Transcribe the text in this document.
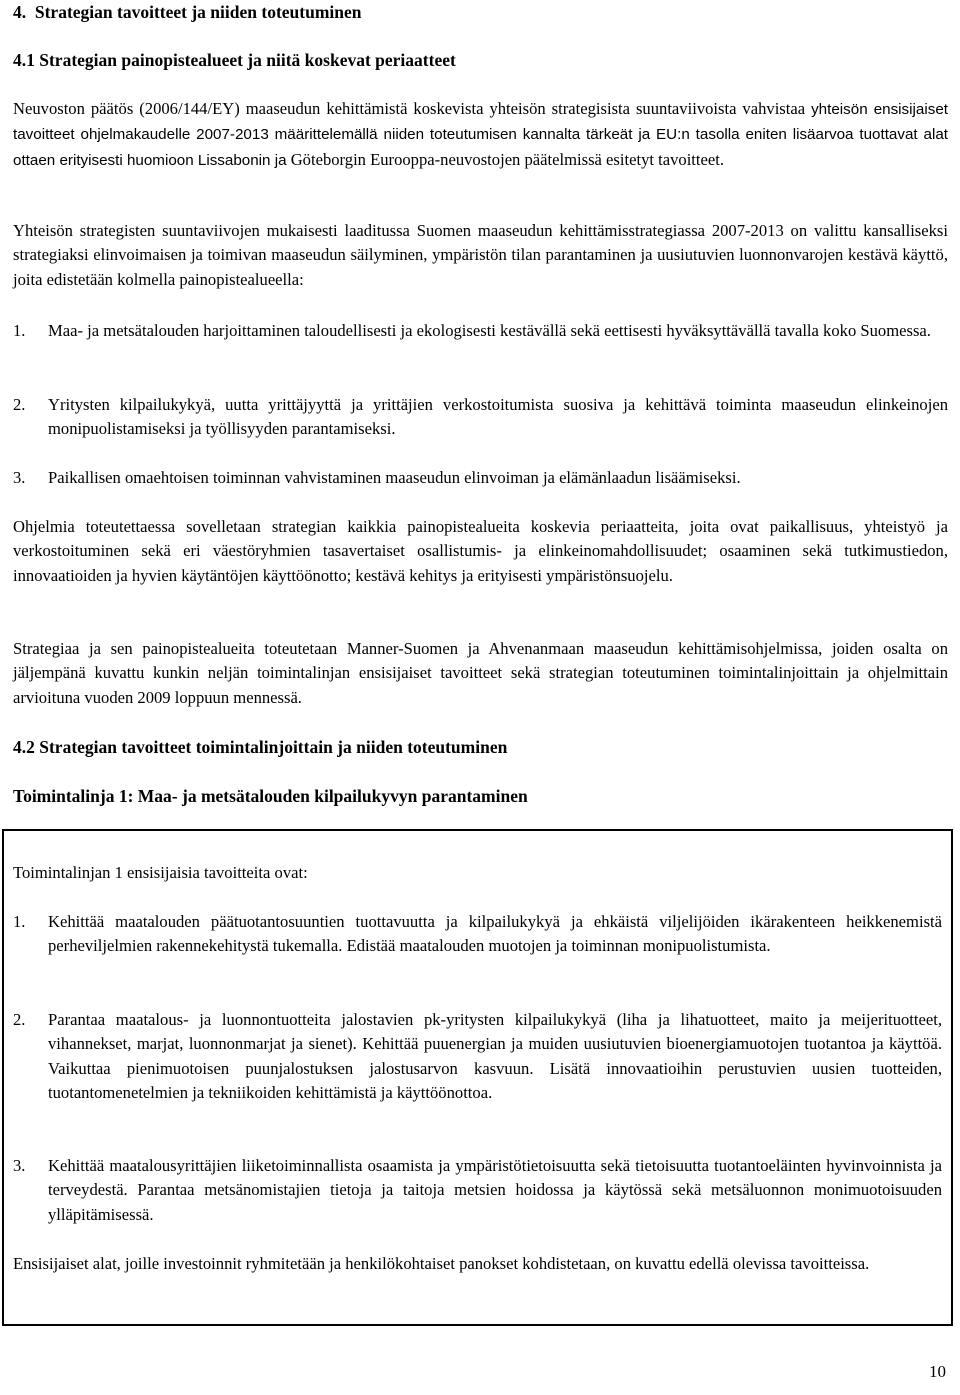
4.  Strategian tavoitteet ja niiden toteutuminen
4.1 Strategian painopistealueet ja niitä koskevat periaatteet

Neuvoston päätös (2006/144/EY) maaseudun kehittämistä koskevista yhteisön strategisista suuntaviivoista vahvistaa yhteisön ensisijaiset tavoitteet ohjelmakaudelle 2007-2013 määrittelemällä niiden toteutumisen kannalta tärkeät ja EU:n tasolla eniten lisäarvoa tuottavat alat ottaen erityisesti huomioon Lissabonin ja Göteborgin Eurooppa-neuvostojen päätelmissä esitetyt tavoitteet.

Yhteisön strategisten suuntaviivojen mukaisesti laaditussa Suomen maaseudun kehittämisstrategiassa 2007-2013 on valittu kansalliseksi strategiaksi elinvoimaisen ja toimivan maaseudun säilyminen, ympäristön tilan parantaminen ja uusiutuvien luonnonvarojen kestävä käyttö, joita edistetään kolmella painopistealueella:

1. Maa- ja metsätalouden harjoittaminen taloudellisesti ja ekologisesti kestävällä sekä eettisesti hyväksyttävällä tavalla koko Suomessa.
2. Yritysten kilpailukykyä, uutta yrittäjyyttä ja yrittäjien verkostoitumista suosiva ja kehittävä toiminta maaseudun elinkeinojen monipuolistamiseksi ja työllisyyden parantamiseksi.
3. Paikallisen omaehtoisen toiminnan vahvistaminen maaseudun elinvoiman ja elämänlaadun lisäämiseksi.

Ohjelmia toteutettaessa sovelletaan strategian kaikkia painopistealueita koskevia periaatteita, joita ovat paikallisuus, yhteistyö ja verkostoituminen sekä eri väestöryhmien tasavertaiset osallistumis- ja elinkeinomahdollisuudet; osaaminen sekä tutkimustiedon, innovaatioiden ja hyvien käytäntöjen käyttöönotto; kestävä kehitys ja erityisesti ympäristönsuojelu.

Strategiaa ja sen painopistealueita toteutetaan Manner-Suomen ja Ahvenanmaan maaseudun kehittämisohjelmissa, joiden osalta on jäljempänä kuvattu kunkin neljän toimintalinjan ensisijaiset tavoitteet sekä strategian toteutuminen toimintalinjoittain ja ohjelmittain arvioituna vuoden 2009 loppuun mennessä.

4.2 Strategian tavoitteet toimintalinjoittain ja niiden toteutuminen
Toimintalinja 1: Maa- ja metsätalouden kilpailukyvyn parantaminen

Toimintalinjan 1 ensisijaisia tavoitteita ovat:

1. Kehittää maatalouden päätuotantosuuntien tuottavuutta ja kilpailukykyä ja ehkäistä viljelijöiden ikärakenteen heikkenemistä perheviljelmien rakennekehitystä tukemalla. Edistää maatalouden muotojen ja toiminnan monipuolistumista.
2. Parantaa maatalous- ja luonnontuotteita jalostavien pk-yritysten kilpailukykyä (liha ja lihatuotteet, maito ja meijerituotteet, vihannekset, marjat, luonnonmarjat ja sienet). Kehittää puuenergian ja muiden uusiutuvien bioenergiamuotojen tuotantoa ja käyttöä. Vaikuttaa pienimuotoisen puunjalostuksen jalostusarvon kasvuun. Lisätä innovaatioihin perustuvien uusien tuotteiden, tuotantomenetelmien ja tekniikoiden kehittämistä ja käyttöönottoa.
3. Kehittää maatalousyrittäjien liiketoiminnallista osaamista ja ympäristötietoisuutta sekä tietoisuutta tuotantoeläinten hyvinvoinnista ja terveydestä. Parantaa metsänomistajien tietoja ja taitoja metsien hoidossa ja käytössä sekä metsäluonnon monimuotoisuuden ylläpitämisessä.

Ensisijaiset alat, joille investoinnit ryhmitetään ja henkilökohtaiset panokset kohdistetaan, on kuvattu edellä olevissa tavoitteissa.

10
